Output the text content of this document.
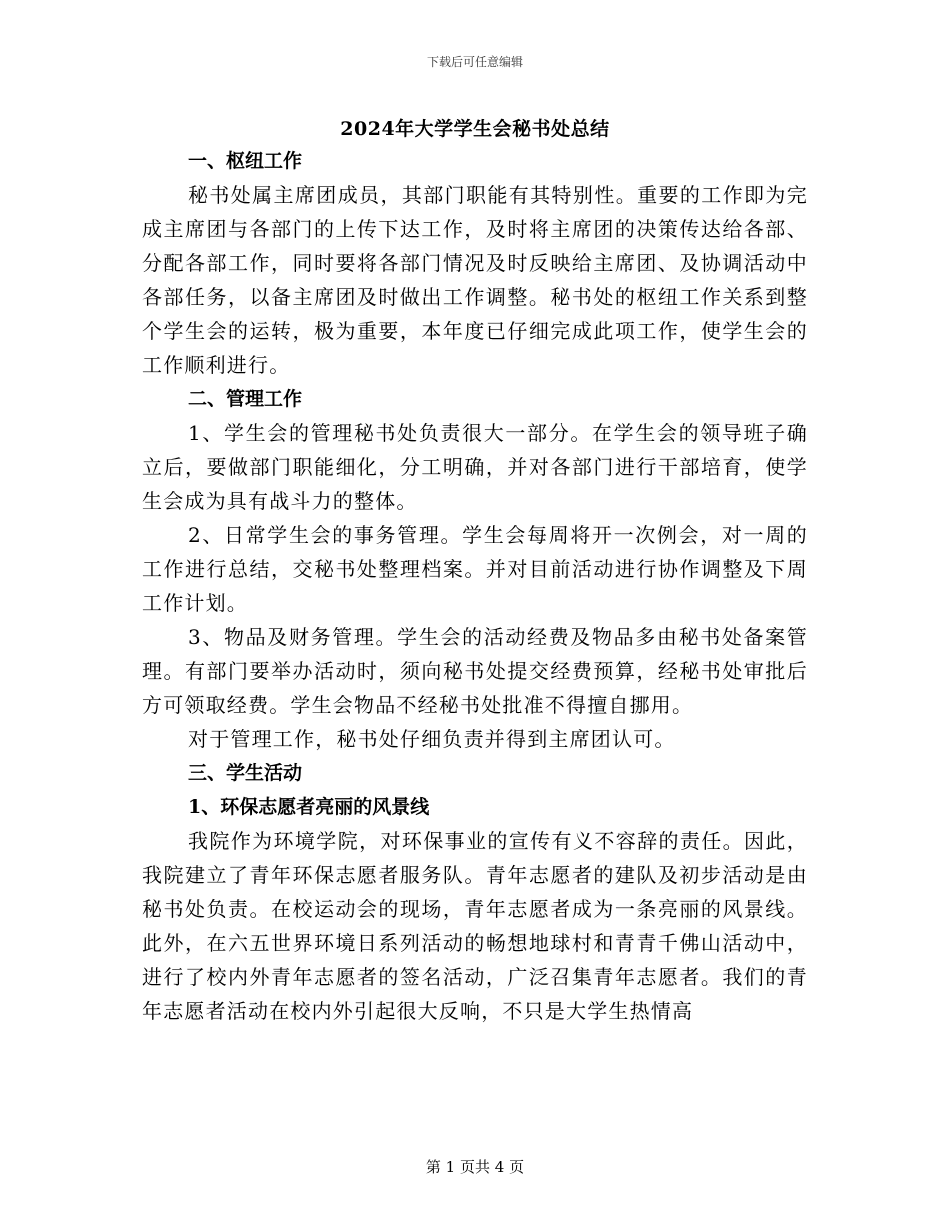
下载后可任意编辑
2024年大学学生会秘书处总结
一、枢纽工作

秘书处属主席团成员，其部门职能有其特别性。重要的工作即为完成主席团与各部门的上传下达工作，及时将主席团的决策传达给各部、分配各部工作，同时要将各部门情况及时反映给主席团、及协调活动中各部任务，以备主席团及时做出工作调整。秘书处的枢纽工作关系到整个学生会的运转，极为重要，本年度已仔细完成此项工作，使学生会的工作顺利进行。

二、管理工作

1、学生会的管理秘书处负责很大一部分。在学生会的领导班子确立后，要做部门职能细化，分工明确，并对各部门进行干部培育，使学生会成为具有战斗力的整体。

2、日常学生会的事务管理。学生会每周将开一次例会，对一周的工作进行总结，交秘书处整理档案。并对目前活动进行协作调整及下周工作计划。

3、物品及财务管理。学生会的活动经费及物品多由秘书处备案管理。有部门要举办活动时，须向秘书处提交经费预算，经秘书处审批后方可领取经费。学生会物品不经秘书处批准不得擅自挪用。

对于管理工作，秘书处仔细负责并得到主席团认可。

三、学生活动
1、环保志愿者亮丽的风景线

我院作为环境学院，对环保事业的宣传有义不容辞的责任。因此，我院建立了青年环保志愿者服务队。青年志愿者的建队及初步活动是由秘书处负责。在校运动会的现场，青年志愿者成为一条亮丽的风景线。此外，在六五世界环境日系列活动的畅想地球村和青青千佛山活动中，进行了校内外青年志愿者的签名活动，广泛召集青年志愿者。我们的青年志愿者活动在校内外引起很大反响，不只是大学生热情高

第 1 页共 4 页
